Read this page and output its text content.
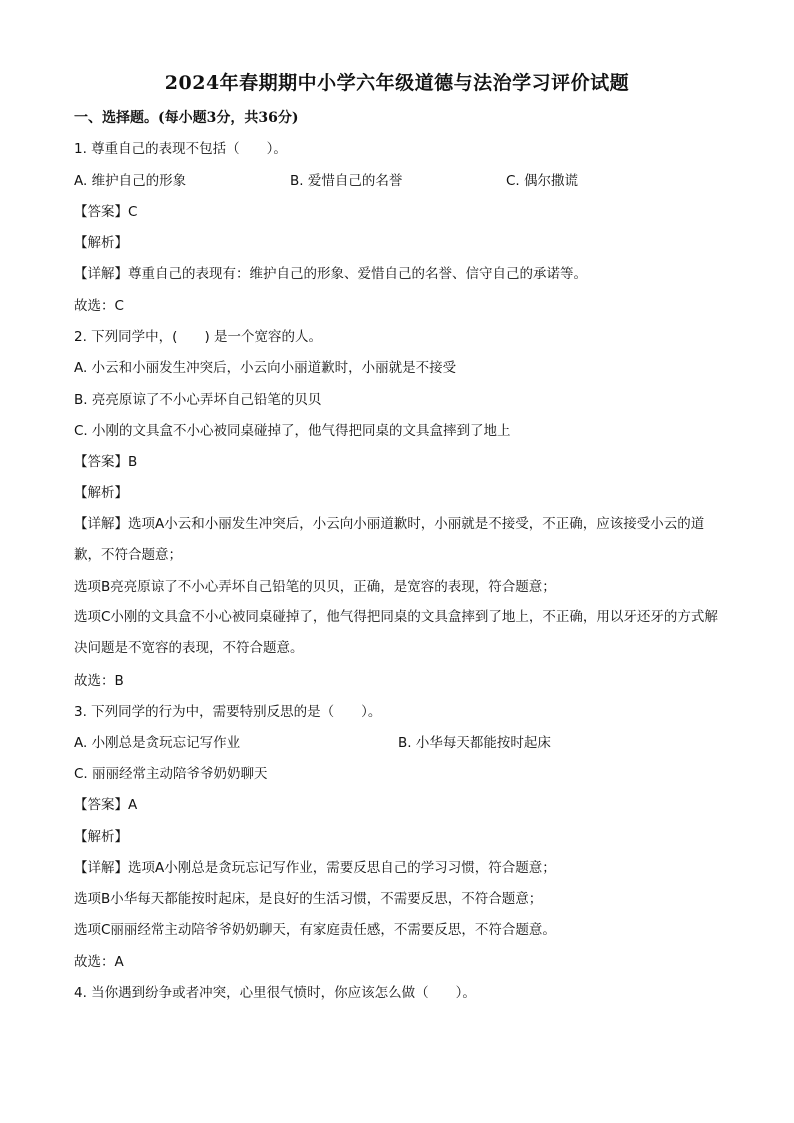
2024年春期期中小学六年级道德与法治学习评价试题
一、选择题。(每小题3分，共36分)
1. 尊重自己的表现不包括（　　）。
A. 维护自己的形象	B. 爱惜自己的名誉	C. 偶尔撒谎
【答案】C
【解析】
【详解】尊重自己的表现有：维护自己的形象、爱惜自己的名誉、信守自己的承诺等。
故选：C
2. 下列同学中，(　　) 是一个宽容的人。
A. 小云和小丽发生冲突后，小云向小丽道歉时，小丽就是不接受
B. 亮亮原谅了不小心弄坏自己铅笔的贝贝
C. 小刚的文具盒不小心被同桌碰掉了，他气得把同桌的文具盒摔到了地上
【答案】B
【解析】
【详解】选项A小云和小丽发生冲突后，小云向小丽道歉时，小丽就是不接受，不正确，应该接受小云的道歉，不符合题意；
选项B亮亮原谅了不小心弄坏自己铅笔的贝贝，正确，是宽容的表现，符合题意；
选项C小刚的文具盒不小心被同桌碰掉了，他气得把同桌的文具盒摔到了地上，不正确，用以牙还牙的方式解决问题是不宽容的表现，不符合题意。
故选：B
3. 下列同学的行为中，需要特别反思的是（　　）。
A. 小刚总是贪玩忘记写作业	B. 小华每天都能按时起床
C. 丽丽经常主动陪爷爷奶奶聊天
【答案】A
【解析】
【详解】选项A小刚总是贪玩忘记写作业，需要反思自己的学习习惯，符合题意；
选项B小华每天都能按时起床，是良好的生活习惯，不需要反思，不符合题意；
选项C丽丽经常主动陪爷爷奶奶聊天，有家庭责任感，不需要反思，不符合题意。
故选：A
4. 当你遇到纷争或者冲突，心里很气愤时，你应该怎么做（　　）。
